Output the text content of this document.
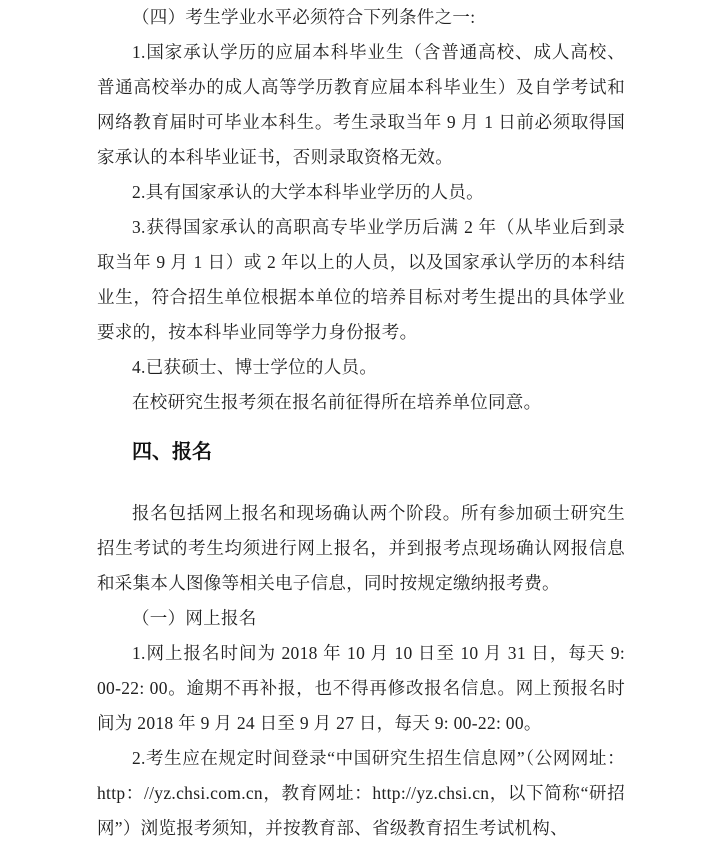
（四）考生学业水平必须符合下列条件之一:

1.国家承认学历的应届本科毕业生（含普通高校、成人高校、普通高校举办的成人高等学历教育应届本科毕业生）及自学考试和网络教育届时可毕业本科生。考生录取当年 9 月 1 日前必须取得国家承认的本科毕业证书，否则录取资格无效。

2.具有国家承认的大学本科毕业学历的人员。

3.获得国家承认的高职高专毕业学历后满 2 年（从毕业后到录取当年 9 月 1 日）或 2 年以上的人员，以及国家承认学历的本科结业生，符合招生单位根据本单位的培养目标对考生提出的具体学业要求的，按本科毕业同等学力身份报考。

4.已获硕士、博士学位的人员。

在校研究生报考须在报名前征得所在培养单位同意。

四、报名

报名包括网上报名和现场确认两个阶段。所有参加硕士研究生招生考试的考生均须进行网上报名，并到报考点现场确认网报信息和采集本人图像等相关电子信息，同时按规定缴纳报考费。

（一）网上报名

1.网上报名时间为 2018 年 10 月 10 日至 10 月 31 日，每天 9: 00-22: 00。逾期不再补报，也不得再修改报名信息。网上预报名时间为 2018 年 9 月 24 日至 9 月 27 日，每天 9: 00-22: 00。

2.考生应在规定时间登录“中国研究生招生信息网”（公网网址：http：//yz.chsi.com.cn，教育网址：http://yz.chsi.cn，以下简称“研招网”）浏览报考须知，并按教育部、省级教育招生考试机构、
